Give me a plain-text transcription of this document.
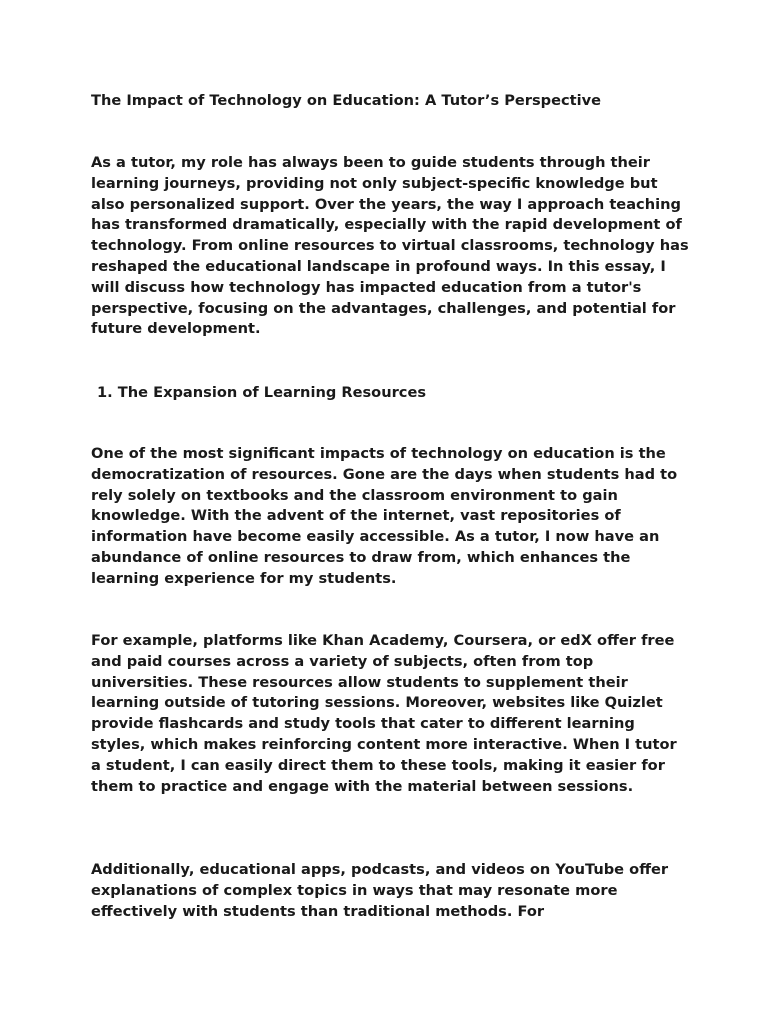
The Impact of Technology on Education: A Tutor’s Perspective

As a tutor, my role has always been to guide students through their learning journeys, providing not only subject-specific knowledge but also personalized support. Over the years, the way I approach teaching has transformed dramatically, especially with the rapid development of technology. From online resources to virtual classrooms, technology has reshaped the educational landscape in profound ways. In this essay, I will discuss how technology has impacted education from a tutor's perspective, focusing on the advantages, challenges, and potential for future development.

1. The Expansion of Learning Resources

One of the most significant impacts of technology on education is the democratization of resources. Gone are the days when students had to rely solely on textbooks and the classroom environment to gain knowledge. With the advent of the internet, vast repositories of information have become easily accessible. As a tutor, I now have an abundance of online resources to draw from, which enhances the learning experience for my students.

For example, platforms like Khan Academy, Coursera, or edX offer free and paid courses across a variety of subjects, often from top universities. These resources allow students to supplement their learning outside of tutoring sessions. Moreover, websites like Quizlet provide flashcards and study tools that cater to different learning styles, which makes reinforcing content more interactive. When I tutor a student, I can easily direct them to these tools, making it easier for them to practice and engage with the material between sessions.

Additionally, educational apps, podcasts, and videos on YouTube offer explanations of complex topics in ways that may resonate more effectively with students than traditional methods. For
